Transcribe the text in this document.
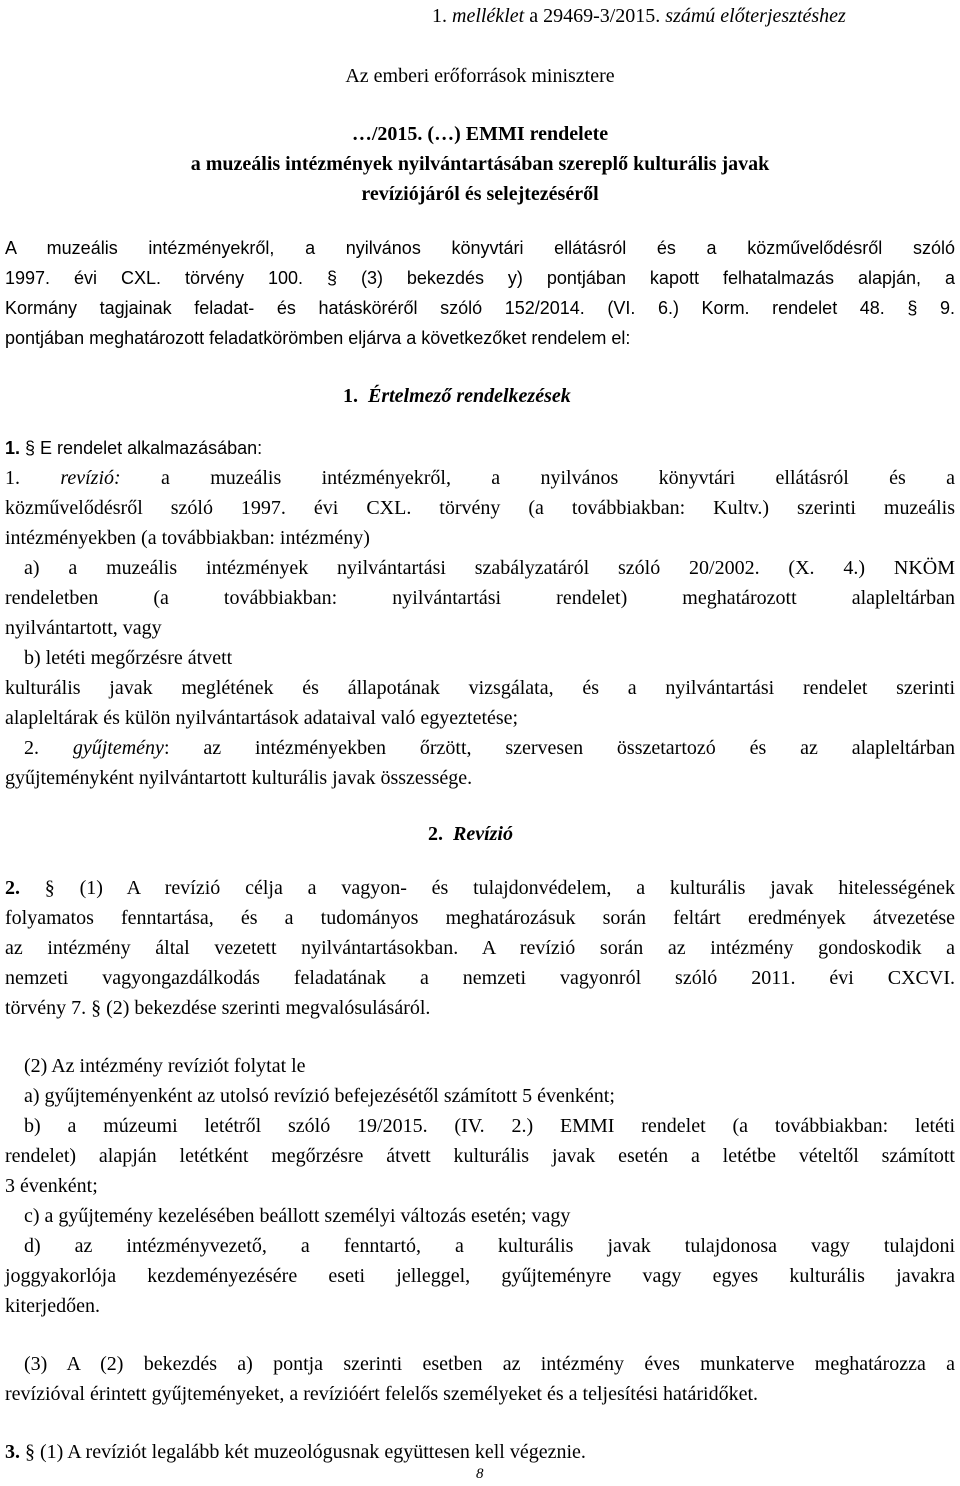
1. melléklet a 29469-3/2015. számú előterjesztéshez
Az emberi erőforrások minisztere
…/2015. (…) EMMI rendelete
a muzeális intézmények nyilvántartásában szereplő kulturális javak
revíziójáról és selejtezéséről
A muzeális intézményekről, a nyilvános könyvtári ellátásról és a közművelődésről szóló
1997. évi CXL. törvény 100. § (3) bekezdés y) pontjában kapott felhatalmazás alapján, a
Kormány tagjainak feladat- és hatásköréről szóló 152/2014. (VI. 6.) Korm. rendelet 48. § 9.
pontjában meghatározott feladatkörömben eljárva a következőket rendelem el:
1. Értelmező rendelkezések
1. § E rendelet alkalmazásában:
1. revízió: a muzeális intézményekről, a nyilvános könyvtári ellátásról és a
közművelődésről szóló 1997. évi CXL. törvény (a továbbiakban: Kultv.) szerinti muzeális
intézményekben (a továbbiakban: intézmény)
a) a muzeális intézmények nyilvántartási szabályzatáról szóló 20/2002. (X. 4.) NKÖM
rendeletben (a továbbiakban: nyilvántartási rendelet) meghatározott alapleltárban
nyilvántartott, vagy
b) letéti megőrzésre átvett
kulturális javak meglétének és állapotának vizsgálata, és a nyilvántartási rendelet szerinti
alapleltárak és külön nyilvántartások adataival való egyeztetése;
2. gyűjtemény: az intézményekben őrzött, szervesen összetartozó és az alapleltárban
gyűjteményként nyilvántartott kulturális javak összessége.
2. Revízió
2. § (1) A revízió célja a vagyon- és tulajdonvédelem, a kulturális javak hitelességének
folyamatos fenntartása, és a tudományos meghatározásuk során feltárt eredmények átvezetése
az intézmény által vezetett nyilvántartásokban. A revízió során az intézmény gondoskodik a
nemzeti vagyongazdálkodás feladatának a nemzeti vagyonról szóló 2011. évi CXCVI.
törvény 7. § (2) bekezdése szerinti megvalósulásáról.
(2) Az intézmény revíziót folytat le
a) gyűjteményenként az utolsó revízió befejezésétől számított 5 évenként;
b) a múzeumi letétről szóló 19/2015. (IV. 2.) EMMI rendelet (a továbbiakban: letéti
rendelet) alapján letétként megőrzésre átvett kulturális javak esetén a letétbe vételtől számított
3 évenként;
c) a gyűjtemény kezelésében beállott személyi változás esetén; vagy
d) az intézményvezető, a fenntartó, a kulturális javak tulajdonosa vagy tulajdoni
joggyakorlója kezdeményezésére eseti jelleggel, gyűjteményre vagy egyes kulturális javakra
kiterjedően.
(3) A (2) bekezdés a) pontja szerinti esetben az intézmény éves munkaterve meghatározza a
revízióval érintett gyűjteményeket, a revízióért felelős személyeket és a teljesítési határidőket.
3. § (1) A revíziót legalább két muzeológusnak együttesen kell végeznie.
8
